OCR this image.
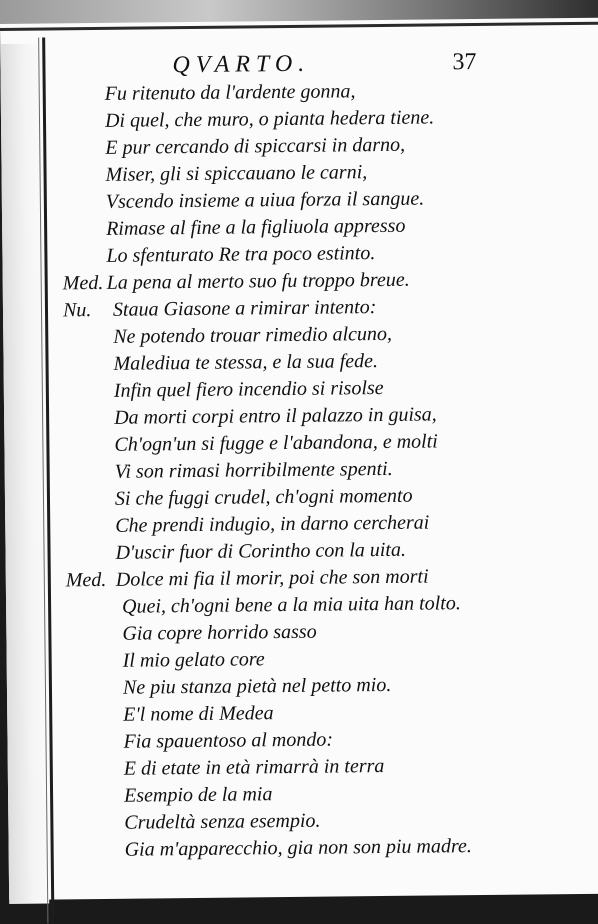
QVARTO.	37
Fu ritenuto da l'ardente gonna,
Di quel, che muro, o pianta hedera tiene.
E pur cercando di spiccarsi in darno,
Miser, gli si spiccauano le carni,
Vscendo insieme a uiua forza il sangue.
Rimase al fine a la figliuola appresso
Lo sfenturato Re tra poco estinto.
Med. La pena al merto suo fu troppo breue.
Nu. Staua Giasone a rimirar intento:
Ne potendo trouar rimedio alcuno,
Malediua te stessa, e la sua fede.
Infin quel fiero incendio si risolse
Da morti corpi entro il palazzo in guisa,
Ch'ogn'un si fugge e l'abandona, e molti
Vi son rimasi horribilmente spenti.
Si che fuggi crudel, ch'ogni momento
Che prendi indugio, in darno cercherai
D'uscir fuor di Corintho con la uita.
Med. Dolce mi fia il morir, poi che son morti
Quei, ch'ogni bene a la mia uita han tolto.
Gia copre horrido sasso
Il mio gelato core
Ne piu stanza pietà nel petto mio.
E'l nome di Medea
Fia spauentoso al mondo:
E di etate in età rimarrà in terra
Esempio de la mia
Crudeltà senza esempio.
Gia m'apparecchio, gia non son piu madre.
